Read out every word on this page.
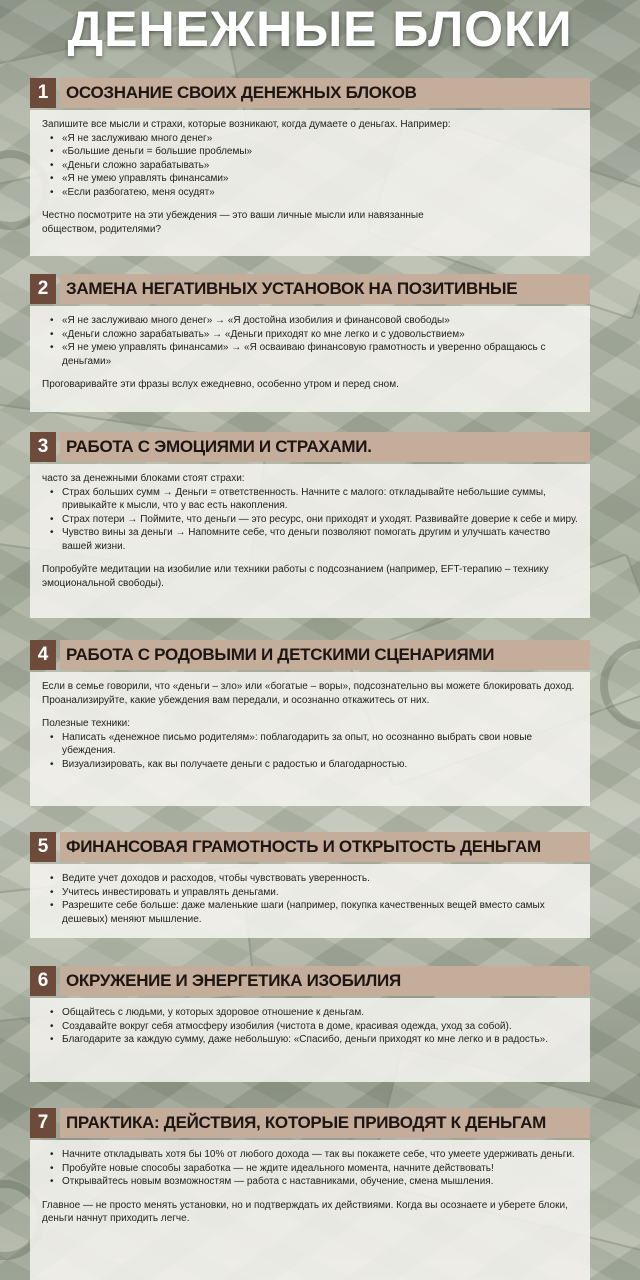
ДЕНЕЖНЫЕ БЛОКИ
1	ОСОЗНАНИЕ СВОИХ ДЕНЕЖНЫХ БЛОКОВ

Запишите все мысли и страхи, которые возникают, когда думаете о деньгах. Например:

• «Я не заслуживаю много денег»
• «Большие деньги = большие проблемы»
• «Деньги сложно зарабатывать»
• «Я не умею управлять финансами»
• «Если разбогатею, меня осудят»

Честно посмотрите на эти убеждения — это ваши личные мысли или навязанные обществом, родителями?

2	ЗАМЕНА НЕГАТИВНЫХ УСТАНОВОК НА ПОЗИТИВНЫЕ
• «Я не заслуживаю много денег» → «Я достойна изобилия и финансовой свободы»
• «Деньги сложно зарабатывать» → «Деньги приходят ко мне легко и с удовольствием»
• «Я не умею управлять финансами» → «Я осваиваю финансовую грамотность и уверенно обращаюсь с деньгами»

Проговаривайте эти фразы вслух ежедневно, особенно утром и перед сном.

3	РАБОТА С ЭМОЦИЯМИ И СТРАХАМИ.

часто за денежными блоками стоят страхи:

• Страх больших сумм → Деньги = ответственность. Начните с малого: откладывайте небольшие суммы, привыкайте к мысли, что у вас есть накопления.
• Страх потери → Поймите, что деньги — это ресурс, они приходят и уходят. Развивайте доверие к себе и миру.
• Чувство вины за деньги → Напомните себе, что деньги позволяют помогать другим и улучшать качество вашей жизни.

Попробуйте медитации на изобилие или техники работы с подсознанием (например, EFT-терапию – технику эмоциональной свободы).

4	РАБОТА С РОДОВЫМИ И ДЕТСКИМИ СЦЕНАРИЯМИ

Если в семье говорили, что «деньги – зло» или «богатые – воры», подсознательно вы можете блокировать доход. Проанализируйте, какие убеждения вам передали, и осознанно откажитесь от них.

Полезные техники:

• Написать «денежное письмо родителям»: поблагодарить за опыт, но осознанно выбрать свои новые убеждения.
• Визуализировать, как вы получаете деньги с радостью и благодарностью.
5	ФИНАНСОВАЯ ГРАМОТНОСТЬ И ОТКРЫТОСТЬ ДЕНЬГАМ
• Ведите учет доходов и расходов, чтобы чувствовать уверенность.
• Учитесь инвестировать и управлять деньгами.
• Разрешите себе больше: даже маленькие шаги (например, покупка качественных вещей вместо самых дешевых) меняют мышление.
6	ОКРУЖЕНИЕ И ЭНЕРГЕТИКА ИЗОБИЛИЯ
• Общайтесь с людьми, у которых здоровое отношение к деньгам.
• Создавайте вокруг себя атмосферу изобилия (чистота в доме, красивая одежда, уход за собой).
• Благодарите за каждую сумму, даже небольшую: «Спасибо, деньги приходят ко мне легко и в радость».
7	ПРАКТИКА: ДЕЙСТВИЯ, КОТОРЫЕ ПРИВОДЯТ К ДЕНЬГАМ
• Начните откладывать хотя бы 10% от любого дохода — так вы покажете себе, что умеете удерживать деньги.
• Пробуйте новые способы заработка — не ждите идеального момента, начните действовать!
• Открывайтесь новым возможностям — работа с наставниками, обучение, смена мышления.

Главное — не просто менять установки, но и подтверждать их действиями. Когда вы осознаете и уберете блоки, деньги начнут приходить легче.
